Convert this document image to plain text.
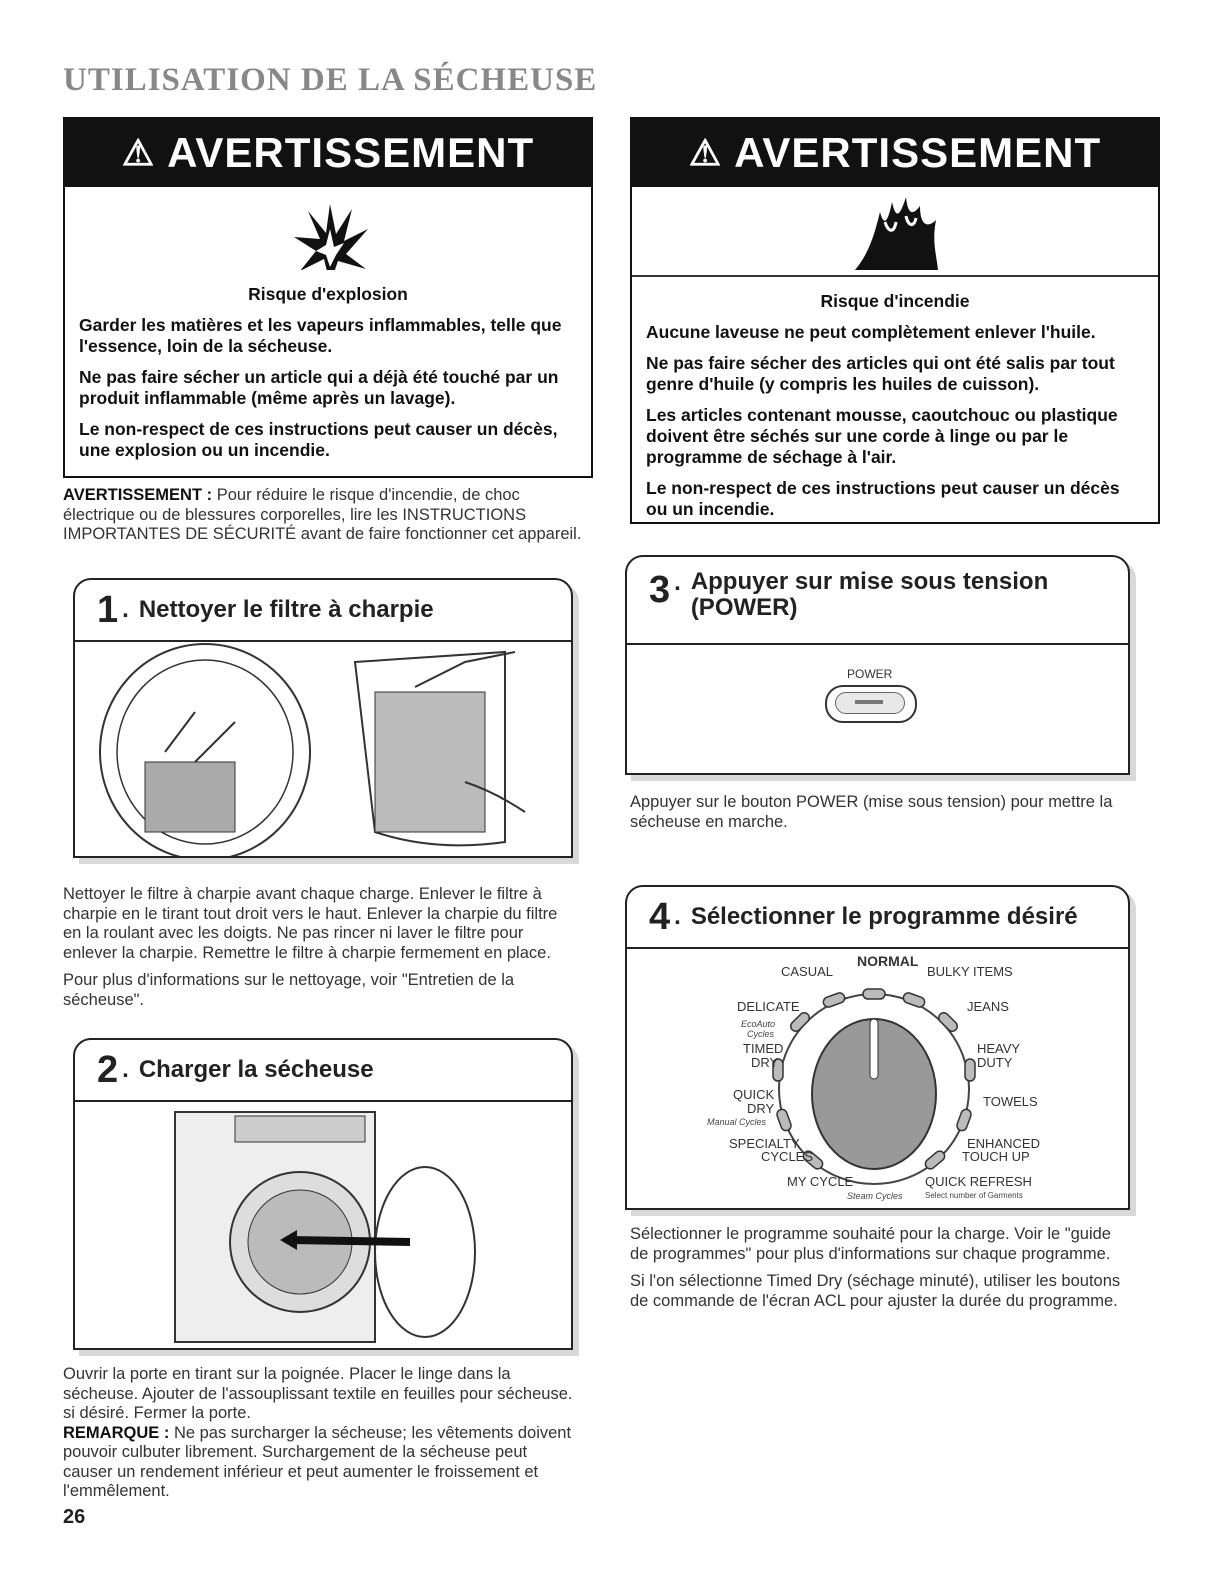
UTILISATION DE LA SÉCHEUSE
⚠ AVERTISSEMENT
Risque d'explosion

Garder les matières et les vapeurs inflammables, telle que l'essence, loin de la sécheuse.

Ne pas faire sécher un article qui a déjà été touché par un produit inflammable (même après un lavage).

Le non-respect de ces instructions peut causer un décès, une explosion ou un incendie.

AVERTISSEMENT : Pour réduire le risque d'incendie, de choc électrique ou de blessures corporelles, lire les INSTRUCTIONS IMPORTANTES DE SÉCURITÉ avant de faire fonctionner cet appareil.

⚠ AVERTISSEMENT
Risque d'incendie

Aucune laveuse ne peut complètement enlever l'huile.

Ne pas faire sécher des articles qui ont été salis par tout genre d'huile (y compris les huiles de cuisson).

Les articles contenant mousse, caoutchouc ou plastique doivent être séchés sur une corde à linge ou par le programme de séchage à l'air.

Le non-respect de ces instructions peut causer un décès ou un incendie.

1 . Nettoyer le filtre à charpie

Nettoyer le filtre à charpie avant chaque charge. Enlever le filtre à charpie en le tirant tout droit vers le haut. Enlever la charpie du filtre en la roulant avec les doigts. Ne pas rincer ni laver le filtre pour enlever la charpie. Remettre le filtre à charpie fermement en place.

Pour plus d'informations sur le nettoyage, voir "Entretien de la sécheuse".

2 . Charger la sécheuse

Ouvrir la porte en tirant sur la poignée. Placer le linge dans la sécheuse. Ajouter de l'assouplissant textile en feuilles pour sécheuse. si désiré. Fermer la porte.

REMARQUE : Ne pas surcharger la sécheuse; les vêtements doivent pouvoir culbuter librement. Surchargement de la sécheuse peut causer un rendement inférieur et peut aumenter le froissement et l'emmêlement.

3 . Appuyer sur mise sous tension
(POWER)
POWER

Appuyer sur le bouton POWER (mise sous tension) pour mettre la sécheuse en marche.

4 . Sélectionner le programme désiré
NORMAL
CASUAL	BULKY ITEMS
DELICATE	JEANS
EcoAuto
Cycles
TIMED
DRY
HEAVY
DUTY
QUICK
DRY
Manual Cycles
TOWELS
SPECIALTY
CYCLES
ENHANCED
TOUCH UP
MY CYCLE	QUICK REFRESH
Steam Cycles	Select number of Garments

Sélectionner le programme souhaité pour la charge. Voir le "guide de programmes" pour plus d'informations sur chaque programme.

Si l'on sélectionne Timed Dry (séchage minuté), utiliser les boutons de commande de l'écran ACL pour ajuster la durée du programme.

26
